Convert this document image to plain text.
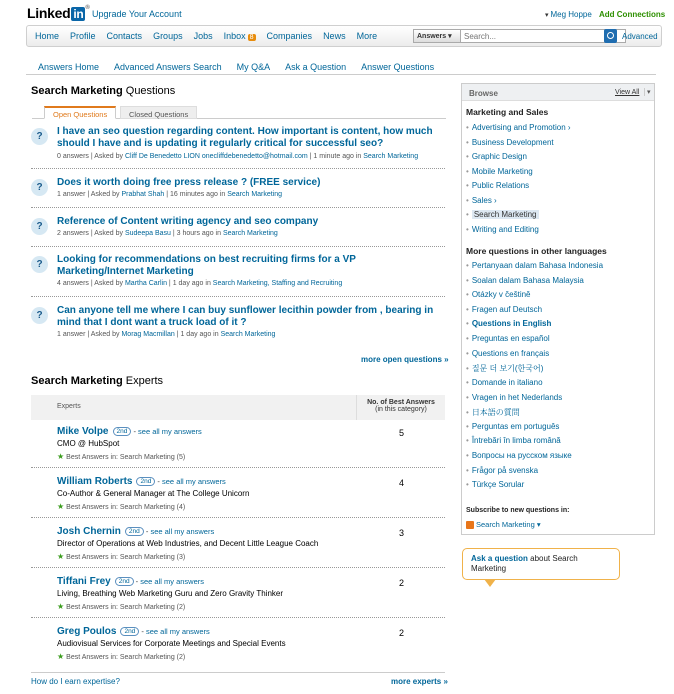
Linked in ®
Upgrade Your Account	▾ Meg Hoppe Add Connections
Home Profile Contacts Groups Jobs Inbox 8 Companies News More	Answers ▾
Search...	Advanced
Answers Home Advanced Answers Search My Q&A Ask a Question Answer Questions
Search Marketing Questions
Open Questions	Closed Questions
?	I have an seo question regarding content. How important is content, how much should I have and is updating it regularly critical for successful seo?
0 answers | Asked by Cliff De Benedetto LION onecliffdebenedetto@hotmail.com | 1 minute ago in Search Marketing
?	Does it worth doing free press release ? (FREE service)
1 answer | Asked by Prabhat Shah | 16 minutes ago in Search Marketing
?	Reference of Content writing agency and seo company
2 answers | Asked by Sudeepa Basu | 3 hours ago in Search Marketing
?	Looking for recommendations on best recruiting firms for a VP Marketing/Internet Marketing
4 answers | Asked by Martha Carlin | 1 day ago in Search Marketing, Staffing and Recruiting
?	Can anyone tell me where I can buy sunflower lecithin powder from , bearing in mind that I dont want a truck load of it ?
1 answer | Asked by Morag Macmillan | 1 day ago in Search Marketing
more open questions »
Search Marketing Experts
Experts
No. of Best Answers
(in this category)
Mike Volpe 2nd - see all my answers
CMO @ HubSpot
★ Best Answers in: Search Marketing (5)
5
William Roberts 2nd - see all my answers
Co-Author & General Manager at The College Unicorn
★ Best Answers in: Search Marketing (4)
4
Josh Chernin 2nd - see all my answers
Director of Operations at Web Industries, and Decent Little League Coach
★ Best Answers in: Search Marketing (3)
3
Tiffani Frey 2nd - see all my answers
Living, Breathing Web Marketing Guru and Zero Gravity Thinker
★ Best Answers in: Search Marketing (2)
2
Greg Poulos 2nd - see all my answers
Audiovisual Services for Corporate Meetings and Special Events
★ Best Answers in: Search Marketing (2)
2
How do I earn expertise?	more experts »
Browse	View All	▾
Marketing and Sales
• Advertising and Promotion ›
• Business Development
• Graphic Design
• Mobile Marketing
• Public Relations
• Sales ›
• Search Marketing
• Writing and Editing
More questions in other languages
• Pertanyaan dalam Bahasa Indonesia
• Soalan dalam Bahasa Malaysia
• Otázky v češtině
• Fragen auf Deutsch
• Questions in English
• Preguntas en español
• Questions en français
• 질문 더 보기(한국어)
• Domande in italiano
• Vragen in het Nederlands
• 日本語の質問
• Perguntas em português
• Întrebări în limba română
• Вопросы на русском языке
• Frågor på svenska
• Türkçe Sorular
Subscribe to new questions in:
Search Marketing ▾
Ask a question about Search Marketing
